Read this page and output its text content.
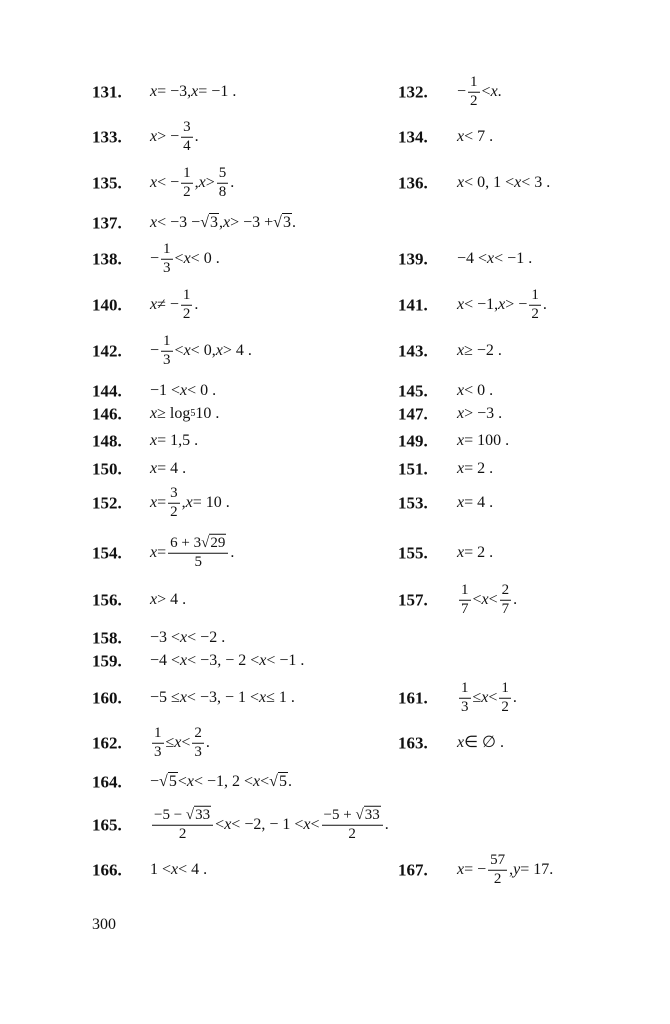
131. x = −3, x = −1 .	132. − $\frac{1}{2} < x$ .
133. x > − $\frac{3}{4}$ .	134. x < 7 .
135. x < − $\frac{1}{2}$ , $x > \frac{5}{8}$ .	136. x < 0, 1 < x < 3 .
137. x < −3 − √3 , x > −3 + √3 .
138. − $\frac{1}{3} < x < 0$ .	139. −4 < x < −1 .
140. x ≠ − $\frac{1}{2}$ .	141. x < −1, x > − $\frac{1}{2}$ .
142. − $\frac{1}{3} < x < 0$, x > 4 .	143. x ≥ −2 .
144. −1 < x < 0 .	145. x < 0 .
146. x ≥ log 5 10 .	147. x > −3 .
148. x = 1,5 .	149. x = 100 .
150. x = 4 .	151. x = 2 .
152. $x = \frac{3}{2}$ , x = 10 .	153. x = 4 .
154. $x = \frac{6 + 3√29}{5}$ .	155. x = 2 .
156. x > 4 .	157. $\frac{1}{7} < x < \frac{2}{7}$ .
158. −3 < x < −2 .
159. −4 < x < −3, − 2 < x < −1 .
160. −5 ≤ x < −3, − 1 < x ≤ 1 .	161. $\frac{1}{3} \le x < \frac{1}{2}$ .
162. $\frac{1}{3} \le x < \frac{2}{3}$ .	163. x ∈ ∅ .
164. − √5 < x < −1, 2 < x < √5 .
165. $\frac{-5 - √33}{2} < x < -2$, − $1 < x < \frac{-5 + √33}{2}$ .
166. 1 < x < 4 .	167. x = − $\frac{57}{2}$ , y = 17.
300
